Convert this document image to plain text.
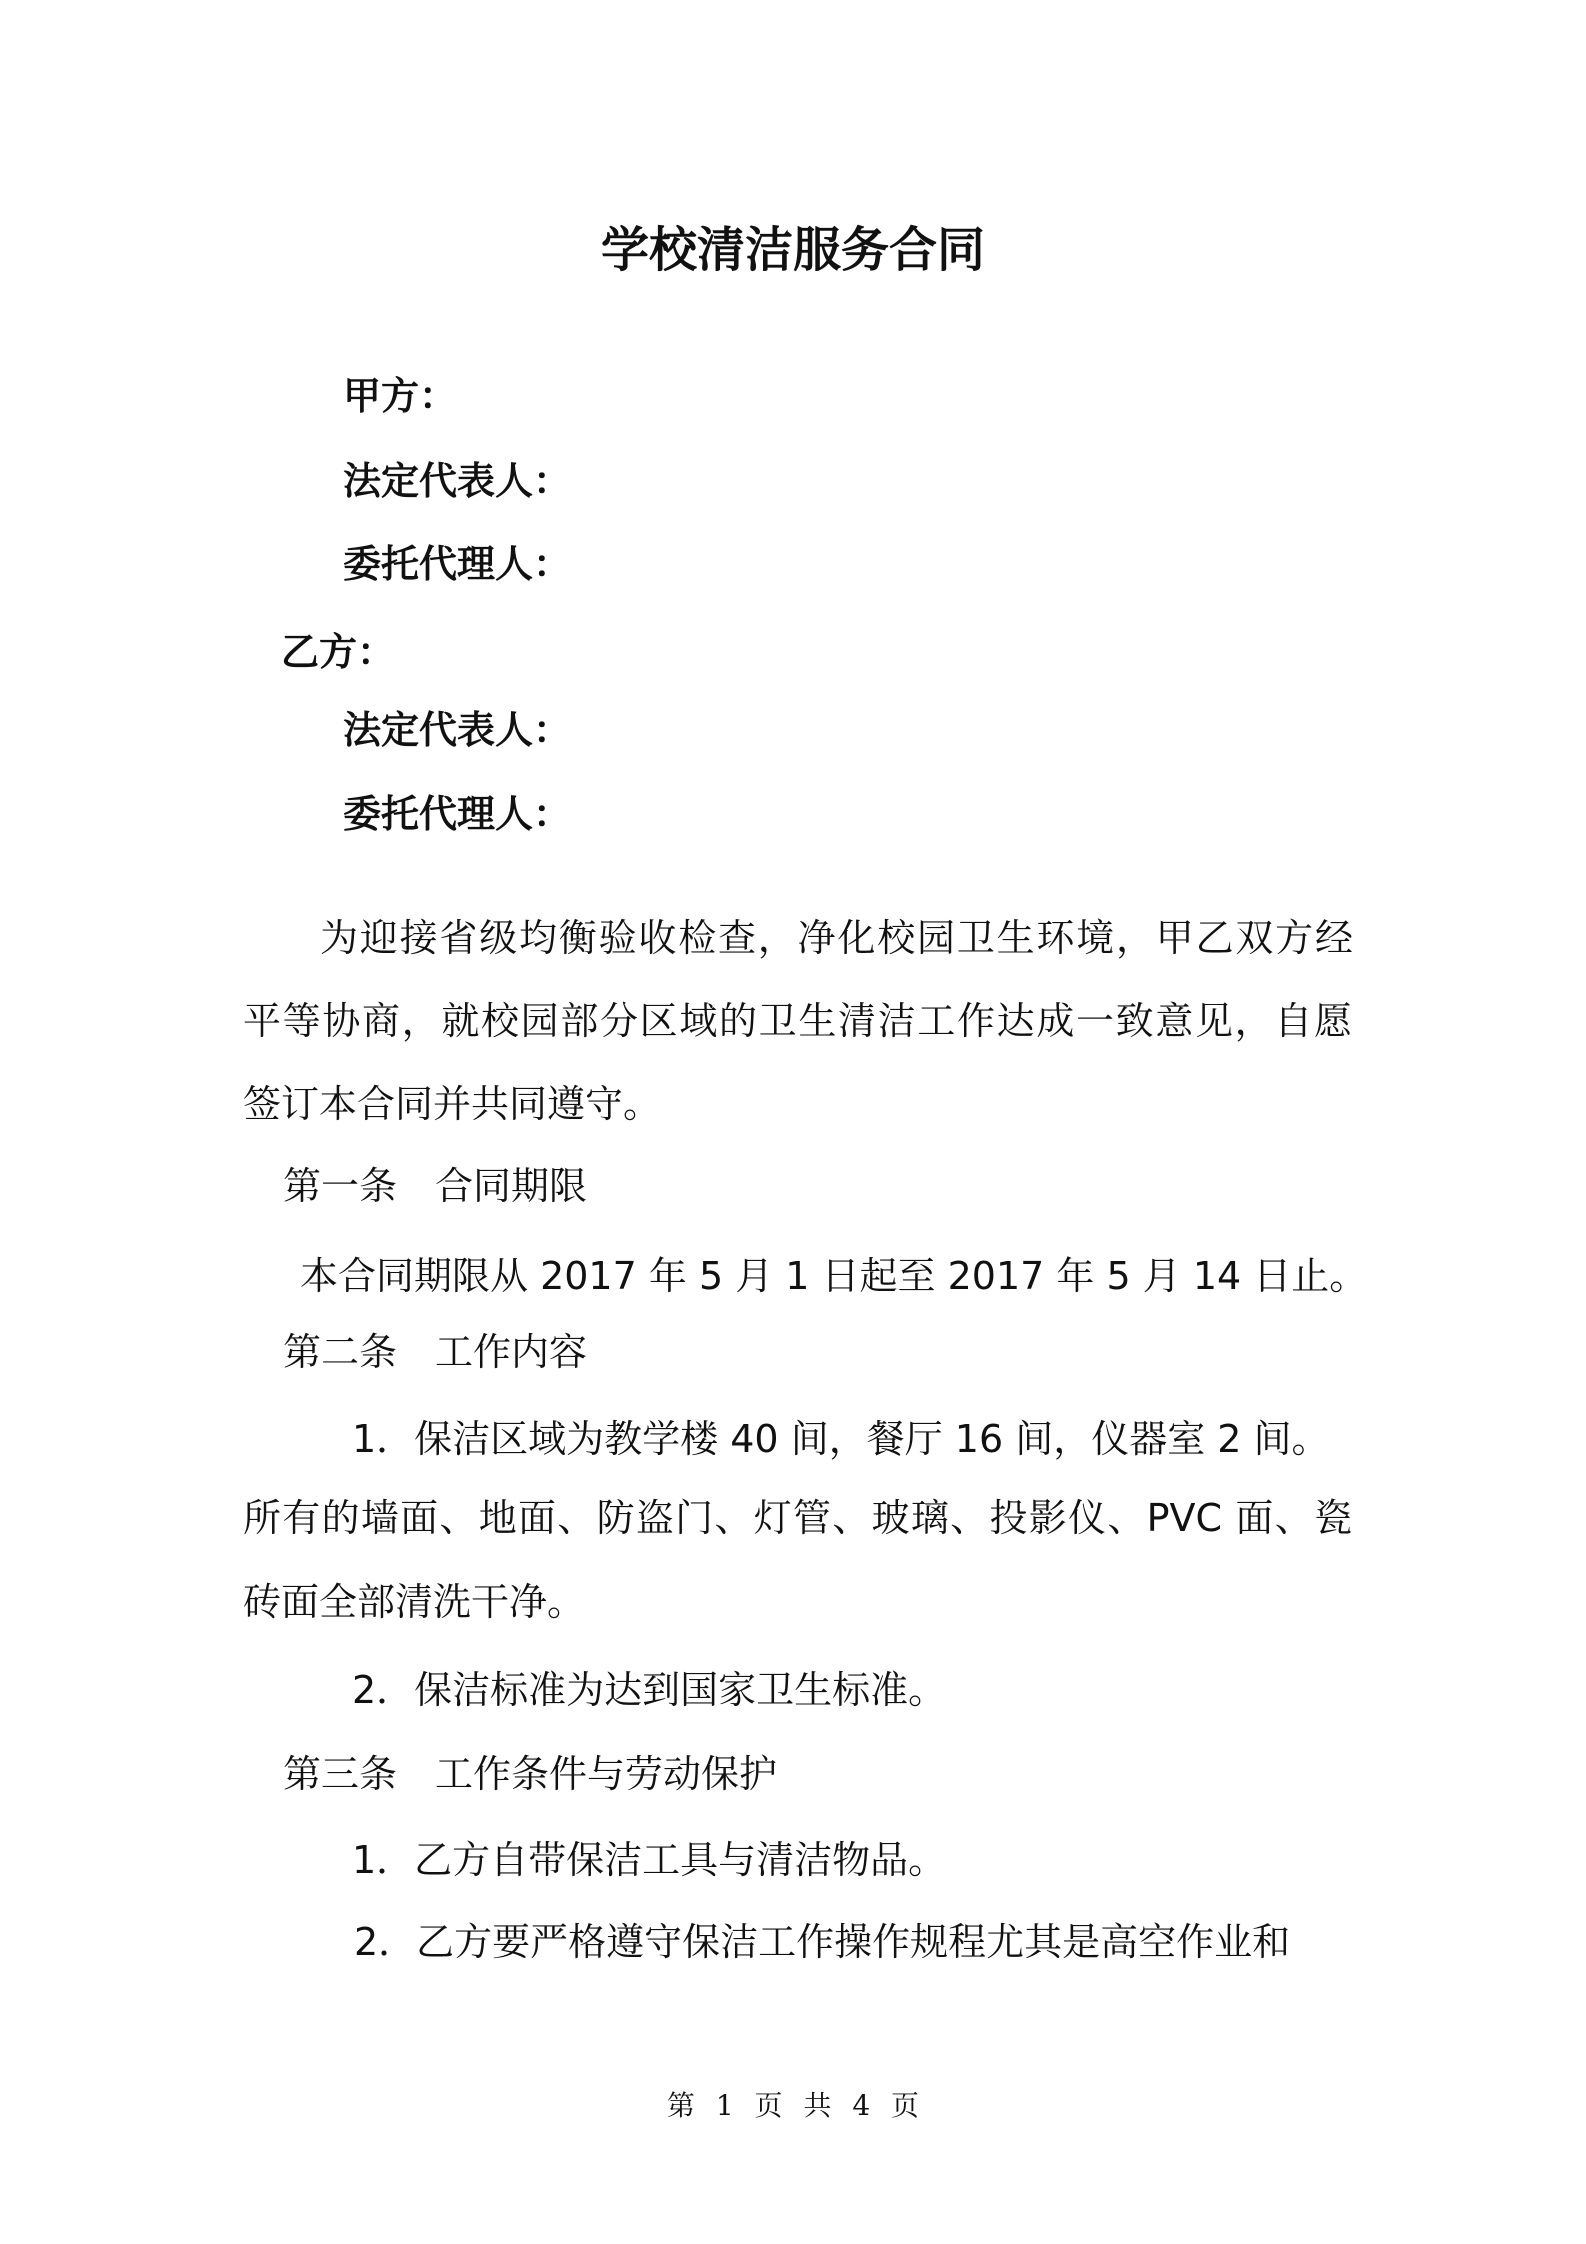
学校清洁服务合同
甲方：
法定代表人：
委托代理人：
乙方：
法定代表人：
委托代理人：
为迎接省级均衡验收检查，净化校园卫生环境，甲乙双方经
平等协商，就校园部分区域的卫生清洁工作达成一致意见，自愿
签订本合同并共同遵守。
第一条　合同期限
本合同期限从 2017 年 5 月 1 日起至 2017 年 5 月 14 日止。
第二条　工作内容
1．保洁区域为教学楼 40 间，餐厅 16 间，仪器室 2 间。
所有的墙面、地面、防盗门、灯管、玻璃、投影仪、PVC 面、瓷
砖面全部清洗干净。
2．保洁标准为达到国家卫生标准。
第三条　工作条件与劳动保护
1．乙方自带保洁工具与清洁物品。
2．乙方要严格遵守保洁工作操作规程尤其是高空作业和
第 1 页 共 4 页
